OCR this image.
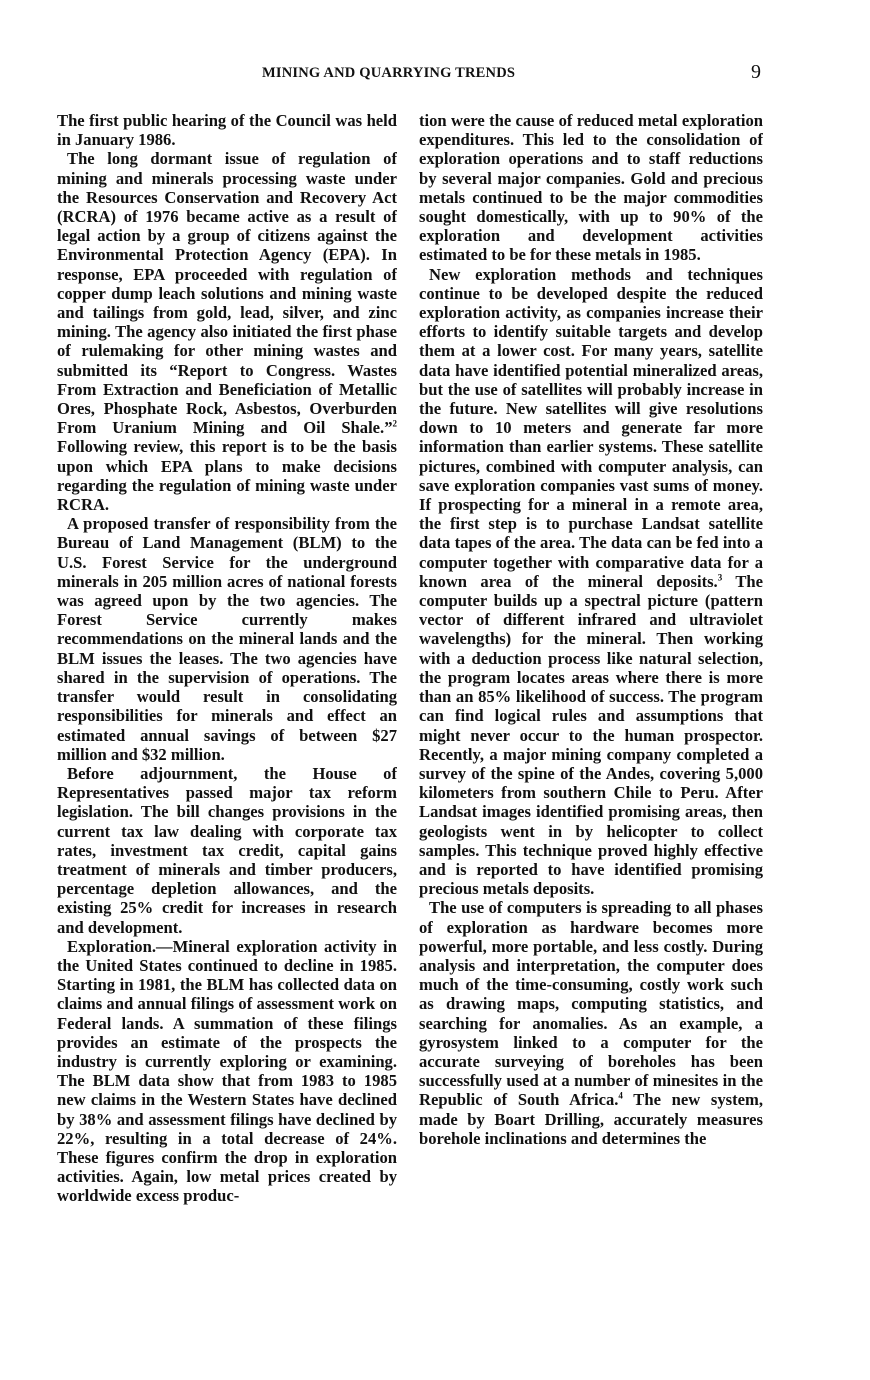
MINING AND QUARRYING TRENDS	9

The first public hearing of the Council was held in January 1986.

The long dormant issue of regulation of mining and minerals processing waste under the Resources Conservation and Recovery Act (RCRA) of 1976 became active as a result of legal action by a group of citizens against the Environmental Protection Agency (EPA). In response, EPA proceeded with regulation of copper dump leach solutions and mining waste and tailings from gold, lead, silver, and zinc mining. The agency also initiated the first phase of rulemaking for other mining wastes and submitted its “Report to Congress. Wastes From Extraction and Beneficiation of Metallic Ores, Phosphate Rock, Asbestos, Overburden From Uranium Mining and Oil Shale.”$^2$ Following review, this report is to be the basis upon which EPA plans to make decisions regarding the regulation of mining waste under RCRA.

A proposed transfer of responsibility from the Bureau of Land Management (BLM) to the U.S. Forest Service for the underground minerals in 205 million acres of national forests was agreed upon by the two agencies. The Forest Service currently makes recommendations on the mineral lands and the BLM issues the leases. The two agencies have shared in the supervision of operations. The transfer would result in consolidating responsibilities for minerals and effect an estimated annual savings of between $27 million and $32 million.

Before adjournment, the House of Representatives passed major tax reform legislation. The bill changes provisions in the current tax law dealing with corporate tax rates, investment tax credit, capital gains treatment of minerals and timber producers, percentage depletion allowances, and the existing 25% credit for increases in research and development.

Exploration.—Mineral exploration activity in the United States continued to decline in 1985. Starting in 1981, the BLM has collected data on claims and annual filings of assessment work on Federal lands. A summation of these filings provides an estimate of the prospects the industry is currently exploring or examining. The BLM data show that from 1983 to 1985 new claims in the Western States have declined by 38% and assessment filings have declined by 22%, resulting in a total decrease of 24%. These figures confirm the drop in exploration activities. Again, low metal prices created by worldwide excess produc-

tion were the cause of reduced metal exploration expenditures. This led to the consolidation of exploration operations and to staff reductions by several major companies. Gold and precious metals continued to be the major commodities sought domestically, with up to 90% of the exploration and development activities estimated to be for these metals in 1985.

New exploration methods and techniques continue to be developed despite the reduced exploration activity, as companies increase their efforts to identify suitable targets and develop them at a lower cost. For many years, satellite data have identified potential mineralized areas, but the use of satellites will probably increase in the future. New satellites will give resolutions down to 10 meters and generate far more information than earlier systems. These satellite pictures, combined with computer analysis, can save exploration companies vast sums of money. If prospecting for a mineral in a remote area, the first step is to purchase Landsat satellite data tapes of the area. The data can be fed into a computer together with comparative data for a known area of the mineral deposits.$^3$ The computer builds up a spectral picture (pattern vector of different infrared and ultraviolet wavelengths) for the mineral. Then working with a deduction process like natural selection, the program locates areas where there is more than an 85% likelihood of success. The program can find logical rules and assumptions that might never occur to the human prospector. Recently, a major mining company completed a survey of the spine of the Andes, covering 5,000 kilometers from southern Chile to Peru. After Landsat images identified promising areas, then geologists went in by helicopter to collect samples. This technique proved highly effective and is reported to have identified promising precious metals deposits.

The use of computers is spreading to all phases of exploration as hardware becomes more powerful, more portable, and less costly. During analysis and interpretation, the computer does much of the time-consuming, costly work such as drawing maps, computing statistics, and searching for anomalies. As an example, a gyrosystem linked to a computer for the accurate surveying of boreholes has been successfully used at a number of minesites in the Republic of South Africa.$^4$ The new system, made by Boart Drilling, accurately measures borehole inclinations and determines the
